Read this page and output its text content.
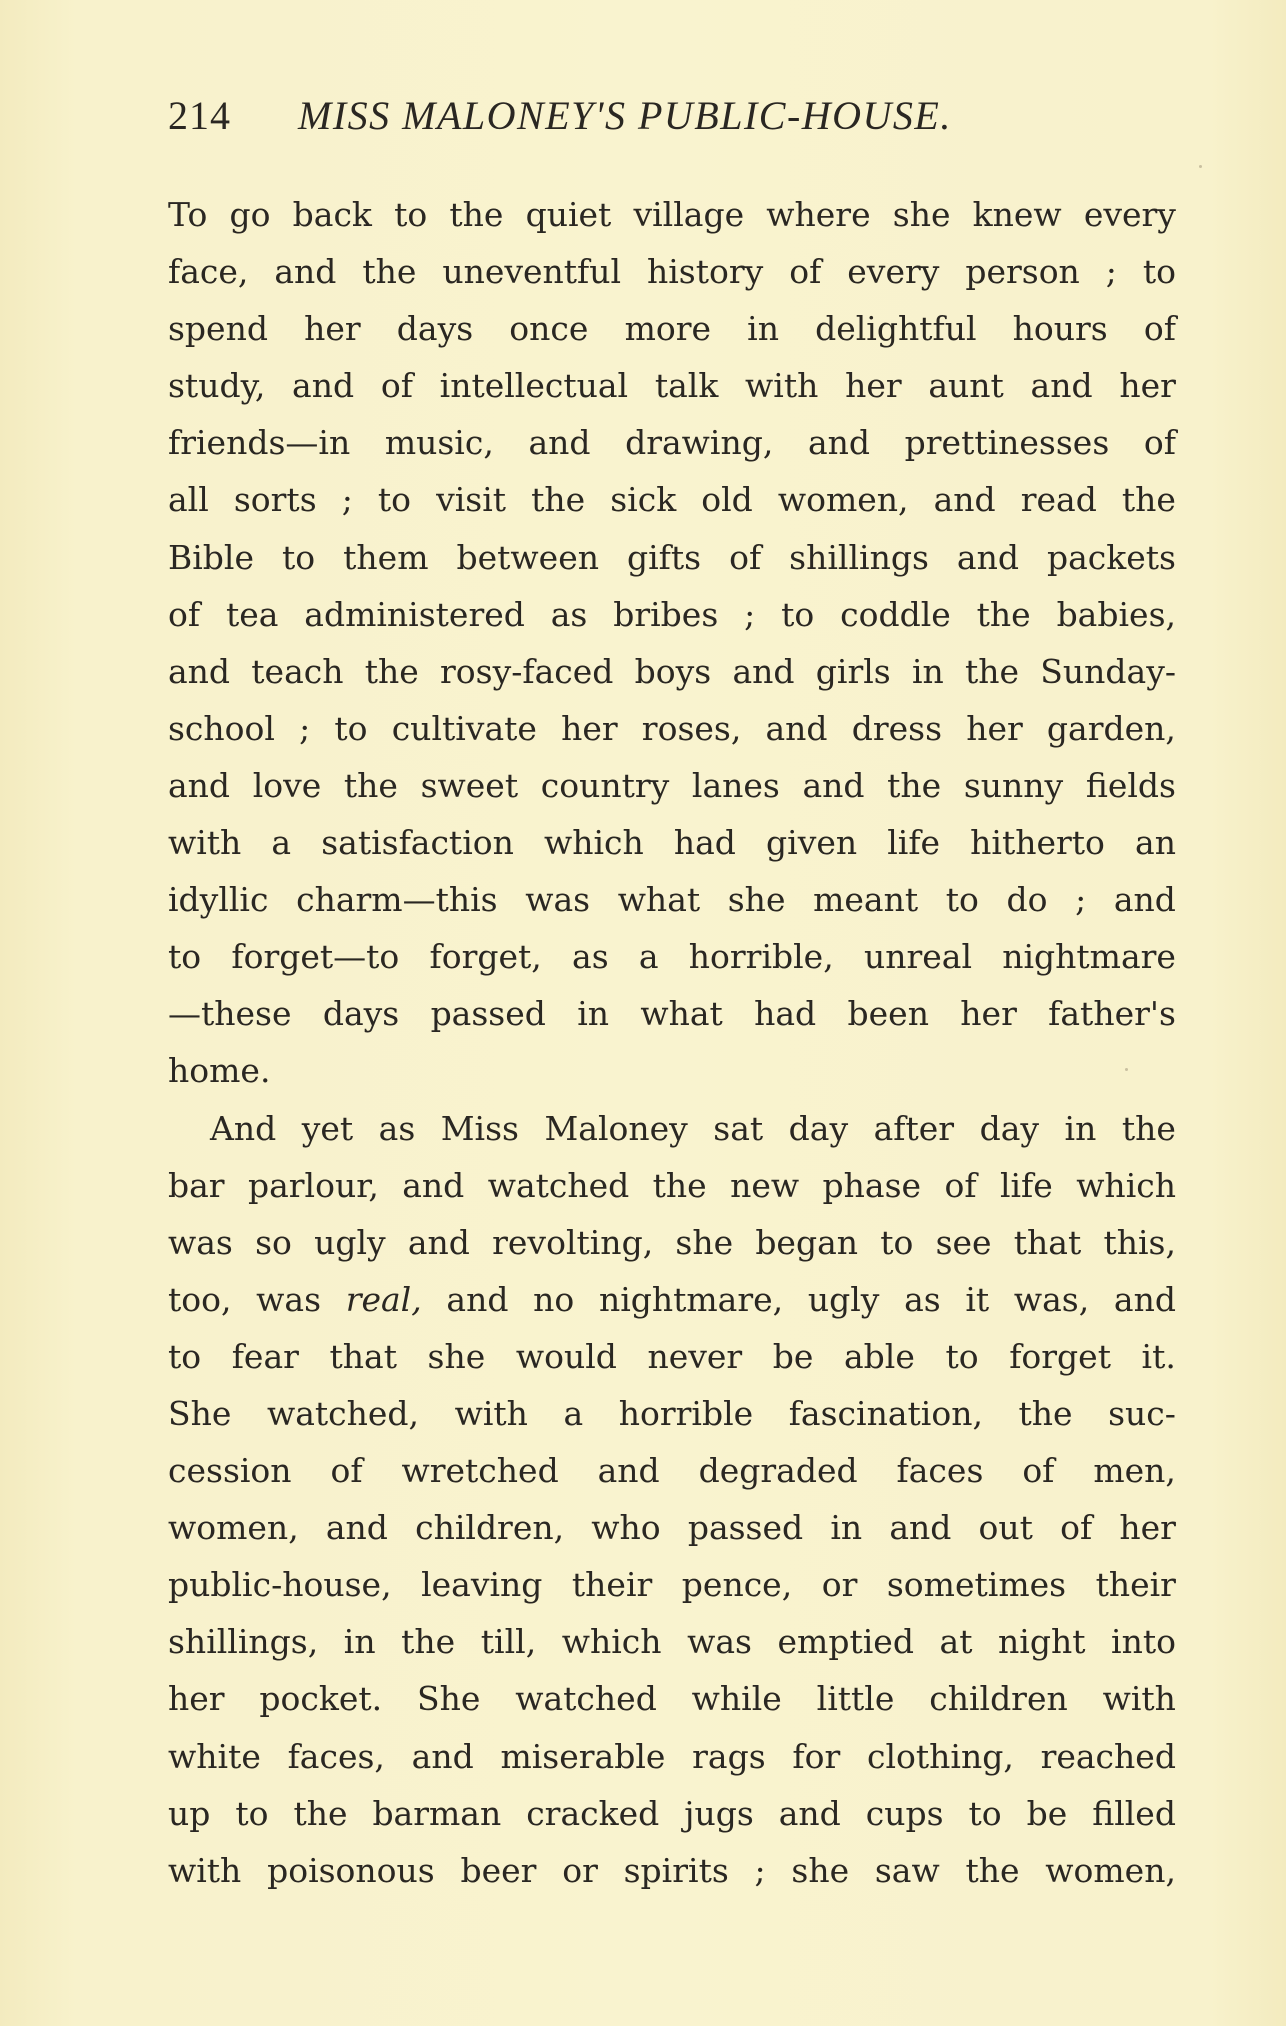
214 MISS MALONEY'S PUBLIC-HOUSE.
To go back to the quiet village where she knew every
face, and the uneventful history of every person ; to
spend her days once more in delightful hours of
study, and of intellectual talk with her aunt and her
friends—in music, and drawing, and prettinesses of
all sorts ; to visit the sick old women, and read the
Bible to them between gifts of shillings and packets
of tea administered as bribes ; to coddle the babies,
and teach the rosy-faced boys and girls in the Sunday-
school ; to cultivate her roses, and dress her garden,
and love the sweet country lanes and the sunny fields
with a satisfaction which had given life hitherto an
idyllic charm—this was what she meant to do ; and
to forget—to forget, as a horrible, unreal nightmare
—these days passed in what had been her father's
home.
And yet as Miss Maloney sat day after day in the
bar parlour, and watched the new phase of life which
was so ugly and revolting, she began to see that this,
too, was real, and no nightmare, ugly as it was, and
to fear that she would never be able to forget it.
She watched, with a horrible fascination, the suc-
cession of wretched and degraded faces of men,
women, and children, who passed in and out of her
public-house, leaving their pence, or sometimes their
shillings, in the till, which was emptied at night into
her pocket. She watched while little children with
white faces, and miserable rags for clothing, reached
up to the barman cracked jugs and cups to be filled
with poisonous beer or spirits ; she saw the women,
